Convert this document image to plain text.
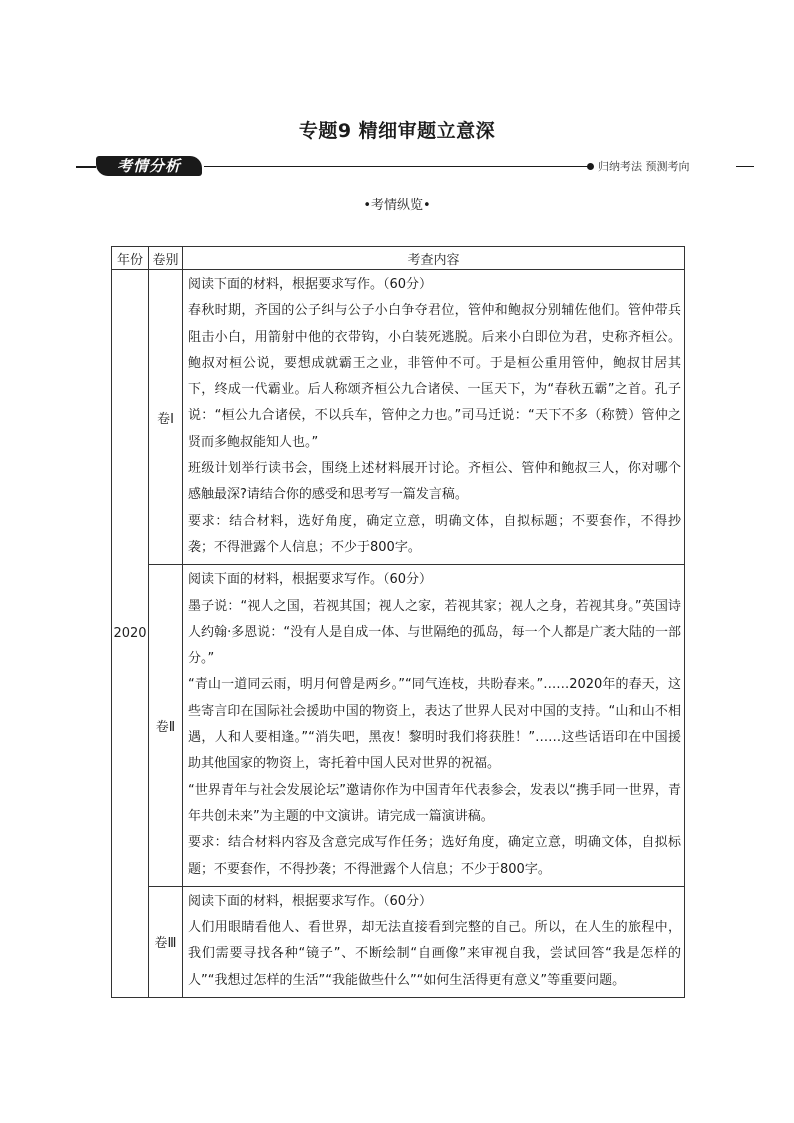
专题9 精细审题立意深
考情分析	归纳考法 预测考向
•考情纵览•
年份	卷别	考查内容
2020	卷Ⅰ	阅读下面的材料，根据要求写作。（60分）

春秋时期，齐国的公子纠与公子小白争夺君位，管仲和鲍叔分别辅佐他们。管仲带兵阻击小白，用箭射中他的衣带钩，小白装死逃脱。后来小白即位为君，史称齐桓公。鲍叔对桓公说，要想成就霸王之业，非管仲不可。于是桓公重用管仲，鲍叔甘居其下，终成一代霸业。后人称颂齐桓公九合诸侯、一匡天下，为“春秋五霸”之首。孔子说：“桓公九合诸侯，不以兵车，管仲之力也。”司马迁说：“天下不多（称赞）管仲之贤而多鲍叔能知人也。”

班级计划举行读书会，围绕上述材料展开讨论。齐桓公、管仲和鲍叔三人，你对哪个感触最深?请结合你的感受和思考写一篇发言稿。

要求：结合材料，选好角度，确定立意，明确文体，自拟标题；不要套作，不得抄袭；不得泄露个人信息；不少于800字。

	卷Ⅱ	阅读下面的材料，根据要求写作。（60分）

墨子说：“视人之国，若视其国；视人之家，若视其家；视人之身，若视其身。”英国诗人约翰·多恩说：“没有人是自成一体、与世隔绝的孤岛，每一个人都是广袤大陆的一部分。”

“青山一道同云雨，明月何曾是两乡。”“同气连枝，共盼春来。”……2020年的春天，这些寄言印在国际社会援助中国的物资上，表达了世界人民对中国的支持。“山和山不相遇，人和人要相逢。”“消失吧，黑夜！黎明时我们将获胜！”……这些话语印在中国援助其他国家的物资上，寄托着中国人民对世界的祝福。

“世界青年与社会发展论坛”邀请你作为中国青年代表参会，发表以“携手同一世界，青年共创未来”为主题的中文演讲。请完成一篇演讲稿。

要求：结合材料内容及含意完成写作任务；选好角度，确定立意，明确文体，自拟标题；不要套作，不得抄袭；不得泄露个人信息；不少于800字。

	卷Ⅲ	阅读下面的材料，根据要求写作。（60分）

人们用眼睛看他人、看世界，却无法直接看到完整的自己。所以，在人生的旅程中，我们需要寻找各种“镜子”、不断绘制“自画像”来审视自我，尝试回答“我是怎样的人”“我想过怎样的生活”“我能做些什么”“如何生活得更有意义”等重要问题。
